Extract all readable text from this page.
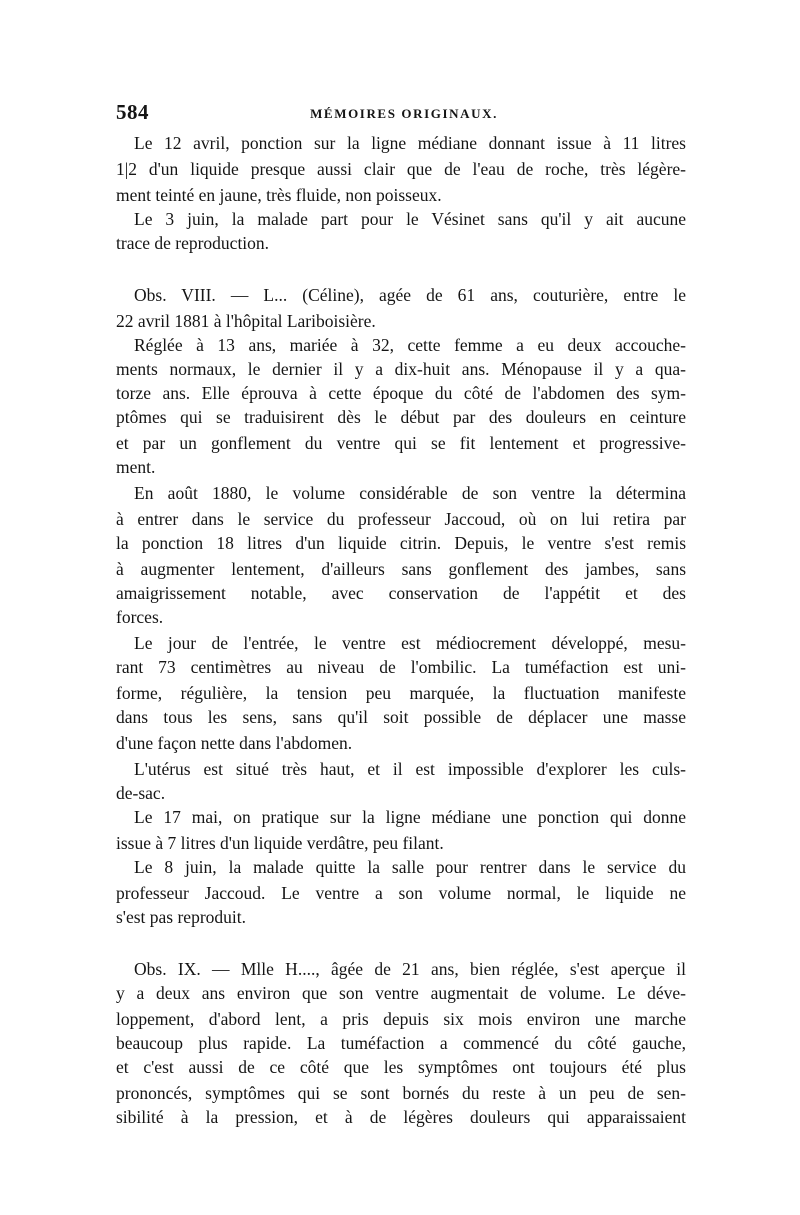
584	MÉMOIRES ORIGINAUX.
Le 12 avril, ponction sur la ligne médiane donnant issue à 11 litres
1|2 d'un liquide presque aussi clair que de l'eau de roche, très légère-
ment teinté en jaune, très fluide, non poisseux.
Le 3 juin, la malade part pour le Vésinet sans qu'il y ait aucune
trace de reproduction.
Obs. VIII. — L... (Céline), agée de 61 ans, couturière, entre le
22 avril 1881 à l'hôpital Lariboisière.
Réglée à 13 ans, mariée à 32, cette femme a eu deux accouche-
ments normaux, le dernier il y a dix-huit ans. Ménopause il y a qua-
torze ans. Elle éprouva à cette époque du côté de l'abdomen des sym-
ptômes qui se traduisirent dès le début par des douleurs en ceinture
et par un gonflement du ventre qui se fit lentement et progressive-
ment.
En août 1880, le volume considérable de son ventre la détermina
à entrer dans le service du professeur Jaccoud, où on lui retira par
la ponction 18 litres d'un liquide citrin. Depuis, le ventre s'est remis
à augmenter lentement, d'ailleurs sans gonflement des jambes, sans
amaigrissement notable, avec conservation de l'appétit et des
forces.
Le jour de l'entrée, le ventre est médiocrement développé, mesu-
rant 73 centimètres au niveau de l'ombilic. La tuméfaction est uni-
forme, régulière, la tension peu marquée, la fluctuation manifeste
dans tous les sens, sans qu'il soit possible de déplacer une masse
d'une façon nette dans l'abdomen.
L'utérus est situé très haut, et il est impossible d'explorer les culs-
de-sac.
Le 17 mai, on pratique sur la ligne médiane une ponction qui donne
issue à 7 litres d'un liquide verdâtre, peu filant.
Le 8 juin, la malade quitte la salle pour rentrer dans le service du
professeur Jaccoud. Le ventre a son volume normal, le liquide ne
s'est pas reproduit.
Obs. IX. — Mlle H...., âgée de 21 ans, bien réglée, s'est aperçue il
y a deux ans environ que son ventre augmentait de volume. Le déve-
loppement, d'abord lent, a pris depuis six mois environ une marche
beaucoup plus rapide. La tuméfaction a commencé du côté gauche,
et c'est aussi de ce côté que les symptômes ont toujours été plus
prononcés, symptômes qui se sont bornés du reste à un peu de sen-
sibilité à la pression, et à de légères douleurs qui apparaissaient
